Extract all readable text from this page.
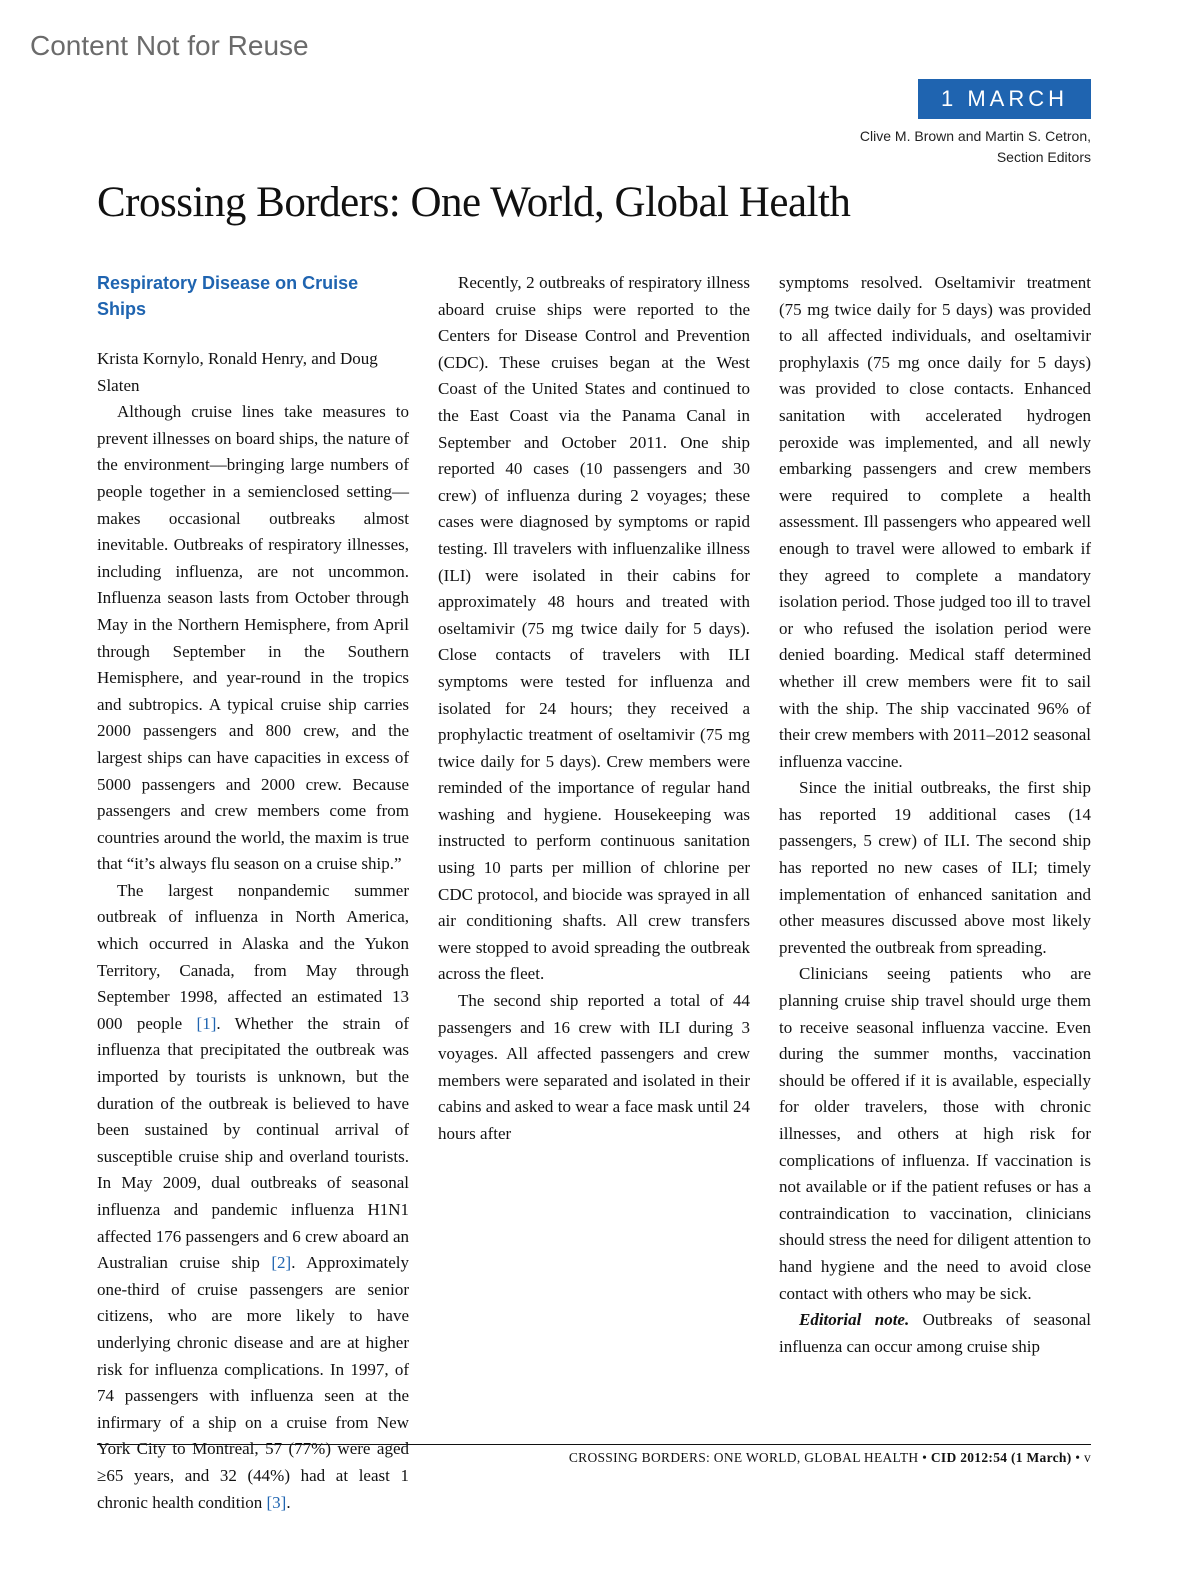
Content Not for Reuse
1 MARCH
Clive M. Brown and Martin S. Cetron,
Section Editors
Crossing Borders: One World, Global Health
Respiratory Disease on Cruise Ships

Krista Kornylo, Ronald Henry, and Doug Slaten

Although cruise lines take measures to prevent illnesses on board ships, the nature of the environment—bringing large numbers of people together in a semienclosed setting—makes occasional outbreaks almost inevitable. Outbreaks of respiratory illnesses, including influenza, are not uncommon. Influenza season lasts from October through May in the Northern Hemisphere, from April through September in the Southern Hemisphere, and year-round in the tropics and subtropics. A typical cruise ship carries 2000 passengers and 800 crew, and the largest ships can have capacities in excess of 5000 passengers and 2000 crew. Because passengers and crew members come from countries around the world, the maxim is true that “it’s always flu season on a cruise ship.”

The largest nonpandemic summer outbreak of influenza in North America, which occurred in Alaska and the Yukon Territory, Canada, from May through September 1998, affected an estimated 13 000 people [1]. Whether the strain of influenza that precipitated the outbreak was imported by tourists is unknown, but the duration of the outbreak is believed to have been sustained by continual arrival of susceptible cruise ship and overland tourists. In May 2009, dual outbreaks of seasonal influenza and pandemic influenza H1N1 affected 176 passengers and 6 crew aboard an Australian cruise ship [2]. Approximately one-third of cruise passengers are senior citizens, who are more likely to have underlying chronic disease and are at higher risk for influenza complications. In 1997, of 74 passengers with influenza seen at the infirmary of a ship on a cruise from New York City to Montreal, 57 (77%) were aged ≥65 years, and 32 (44%) had at least 1 chronic health condition [3].

Recently, 2 outbreaks of respiratory illness aboard cruise ships were reported to the Centers for Disease Control and Prevention (CDC). These cruises began at the West Coast of the United States and continued to the East Coast via the Panama Canal in September and October 2011. One ship reported 40 cases (10 passengers and 30 crew) of influenza during 2 voyages; these cases were diagnosed by symptoms or rapid testing. Ill travelers with influenzalike illness (ILI) were isolated in their cabins for approximately 48 hours and treated with oseltamivir (75 mg twice daily for 5 days). Close contacts of travelers with ILI symptoms were tested for influenza and isolated for 24 hours; they received a prophylactic treatment of oseltamivir (75 mg twice daily for 5 days). Crew members were reminded of the importance of regular hand washing and hygiene. Housekeeping was instructed to perform continuous sanitation using 10 parts per million of chlorine per CDC protocol, and biocide was sprayed in all air conditioning shafts. All crew transfers were stopped to avoid spreading the outbreak across the fleet.

The second ship reported a total of 44 passengers and 16 crew with ILI during 3 voyages. All affected passengers and crew members were separated and isolated in their cabins and asked to wear a face mask until 24 hours after

symptoms resolved. Oseltamivir treatment (75 mg twice daily for 5 days) was provided to all affected individuals, and oseltamivir prophylaxis (75 mg once daily for 5 days) was provided to close contacts. Enhanced sanitation with accelerated hydrogen peroxide was implemented, and all newly embarking passengers and crew members were required to complete a health assessment. Ill passengers who appeared well enough to travel were allowed to embark if they agreed to complete a mandatory isolation period. Those judged too ill to travel or who refused the isolation period were denied boarding. Medical staff determined whether ill crew members were fit to sail with the ship. The ship vaccinated 96% of their crew members with 2011–2012 seasonal influenza vaccine.

Since the initial outbreaks, the first ship has reported 19 additional cases (14 passengers, 5 crew) of ILI. The second ship has reported no new cases of ILI; timely implementation of enhanced sanitation and other measures discussed above most likely prevented the outbreak from spreading.

Clinicians seeing patients who are planning cruise ship travel should urge them to receive seasonal influenza vaccine. Even during the summer months, vaccination should be offered if it is available, especially for older travelers, those with chronic illnesses, and others at high risk for complications of influenza. If vaccination is not available or if the patient refuses or has a contraindication to vaccination, clinicians should stress the need for diligent attention to hand hygiene and the need to avoid close contact with others who may be sick.

Editorial note. Outbreaks of seasonal influenza can occur among cruise ship

CROSSING BORDERS: ONE WORLD, GLOBAL HEALTH • CID 2012:54 (1 March) • v
